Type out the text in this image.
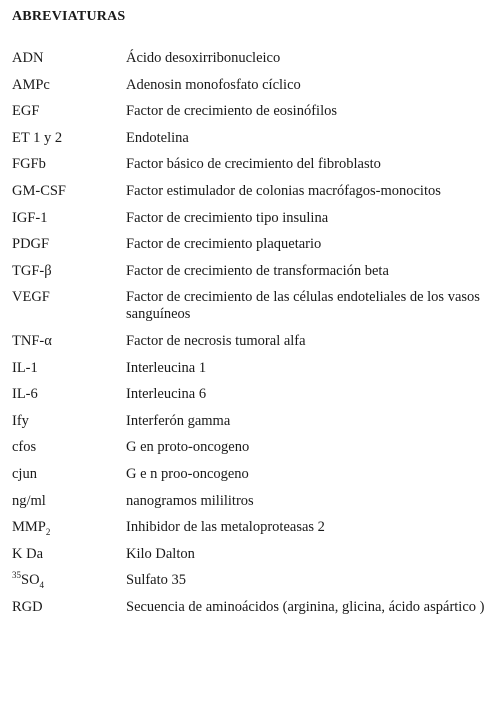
ABREVIATURAS
ADN	Ácido desoxirribonucleico
AMPc	Adenosin monofosfato cíclico
EGF	Factor de crecimiento de eosinófilos
ET 1 y 2	Endotelina
FGFb	Factor básico de crecimiento del fibroblasto
GM-CSF	Factor estimulador de colonias macrófagos-monocitos
IGF-1	Factor de crecimiento tipo insulina
PDGF	Factor de crecimiento plaquetario
TGF-β	Factor de crecimiento de transformación beta
VEGF	Factor de crecimiento de las células endoteliales de los vasos sanguíneos
TNF-α	Factor de necrosis tumoral alfa
IL-1	Interleucina 1
IL-6	Interleucina 6
Ify	Interferón gamma
cfos	G en proto-oncogeno
cjun	G e n proo-oncogeno
ng/ml	nanogramos mililitros
$MMP_2$	Inhibidor de las metaloproteasas 2
K Da	Kilo Dalton
$^{35}SO_4$	Sulfato 35
RGD	Secuencia de aminoácidos (arginina, glicina, ácido aspártico )
